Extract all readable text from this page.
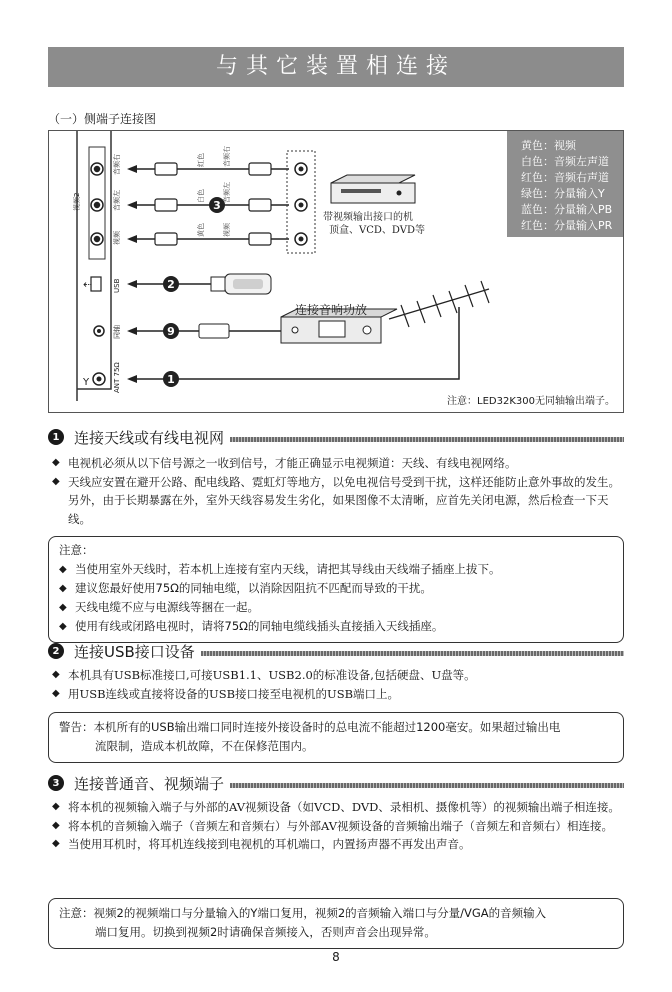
与其它装置相连接
（一）侧端子连接图
视频2
音频右
音频左
视频
USB
同轴
ANT 75Ω
⇠
Y
红色	音频右
白色	音频左
黄色	视频
3
2
9
1
黄色：视频
白色：音频左声道
红色：音频右声道
绿色：分量输入Y
蓝色：分量输入PB
红色：分量输入PR
带视频输出接口的机
顶盒、VCD、DVD等
连接音响功放
注意：LED32K300无同轴输出端子。
1 连接天线或有线电视网
◆ 电视机必须从以下信号源之一收到信号，才能正确显示电视频道：天线、有线电视网络。
◆ 天线应安置在避开公路、配电线路、霓虹灯等地方，以免电视信号受到干扰，这样还能防止意外事故的发生。另外，由于长期暴露在外，室外天线容易发生劣化，如果图像不太清晰，应首先关闭电源，然后检查一下天线。
注意：
◆ 当使用室外天线时，若本机上连接有室内天线，请把其导线由天线端子插座上拔下。
◆ 建议您最好使用75Ω的同轴电缆，以消除因阻抗不匹配而导致的干扰。
◆ 天线电缆不应与电源线等捆在一起。
◆ 使用有线或闭路电视时，请将75Ω的同轴电缆线插头直接插入天线插座。
2 连接USB接口设备
◆ 本机具有USB标准接口,可接USB1.1、USB2.0的标准设备,包括硬盘、U盘等。
◆ 用USB连线或直接将设备的USB接口接至电视机的USB端口上。
警告：本机所有的USB输出端口同时连接外接设备时的总电流不能超过1200毫安。如果超过输出电
流限制，造成本机故障，不在保修范围内。
3 连接普通音、视频端子
◆ 将本机的视频输入端子与外部的AV视频设备（如VCD、DVD、录相机、摄像机等）的视频输出端子相连接。
◆ 将本机的音频输入端子（音频左和音频右）与外部AV视频设备的音频输出端子（音频左和音频右）相连接。
◆ 当使用耳机时，将耳机连线接到电视机的耳机端口，内置扬声器不再发出声音。
注意：视频2的视频端口与分量输入的Y端口复用，视频2的音频输入端口与分量/VGA的音频输入
端口复用。切换到视频2时请确保音频接入，否则声音会出现异常。
8
